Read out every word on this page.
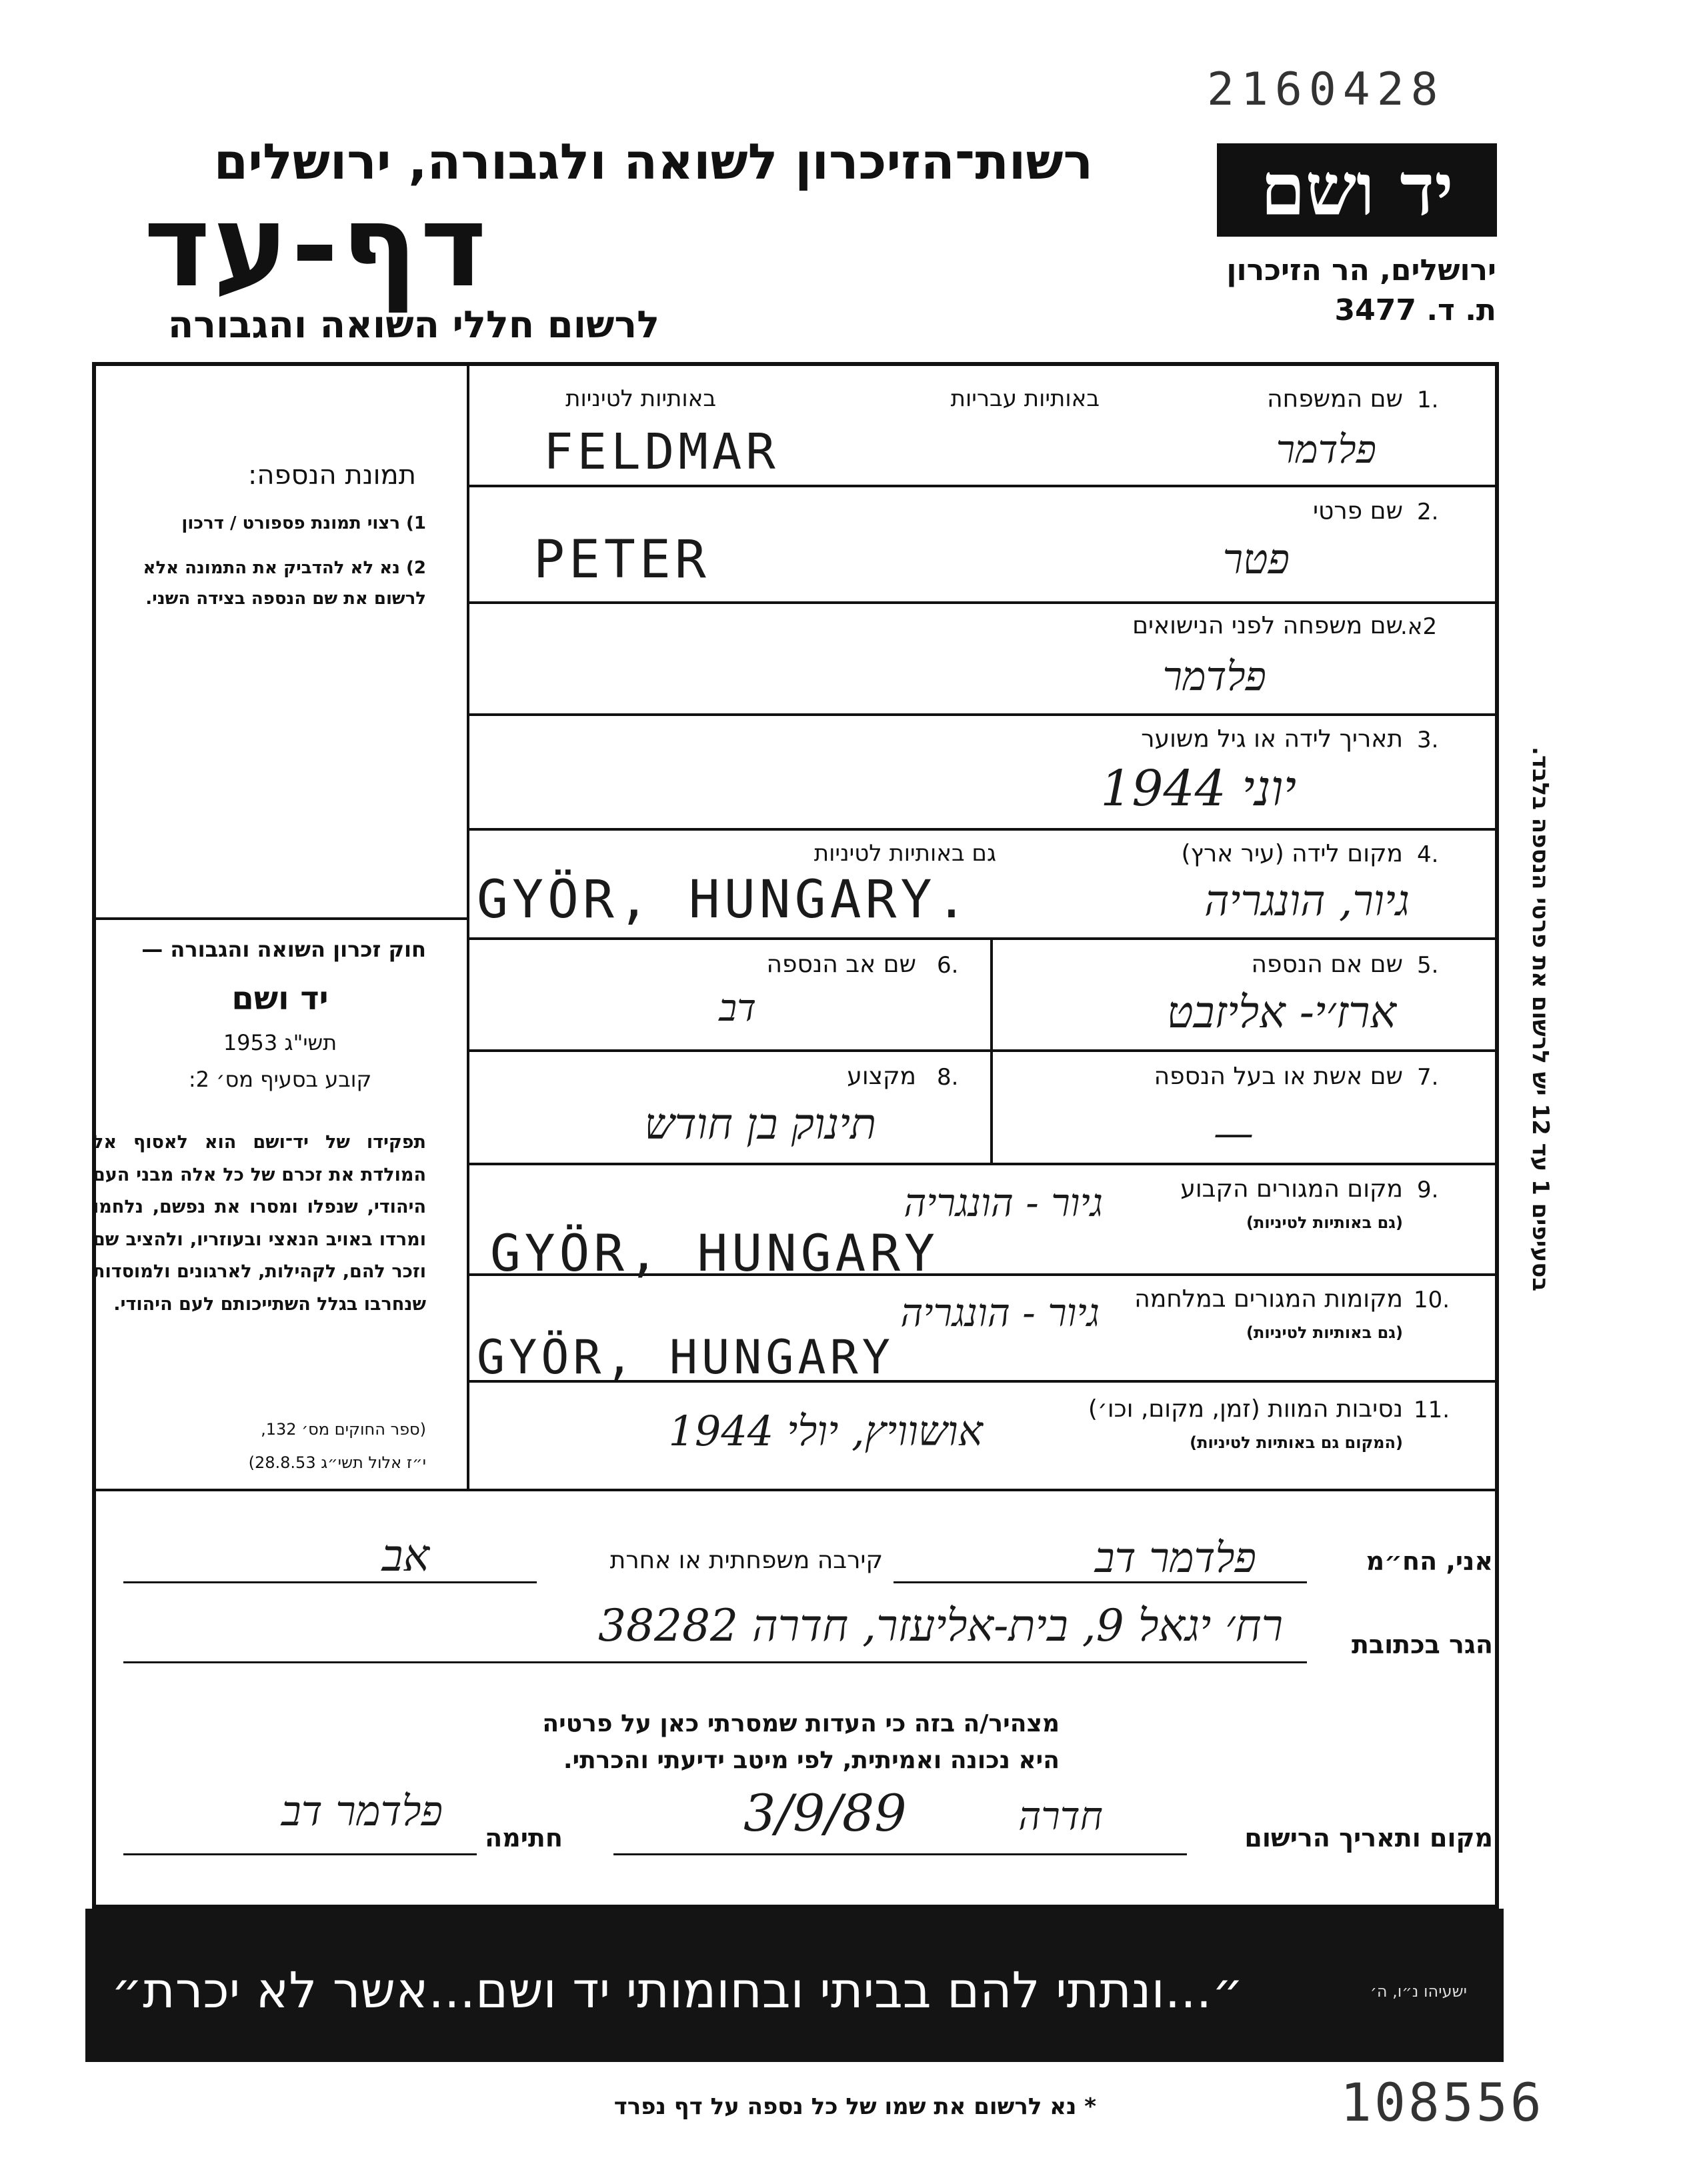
2160428
רשות־הזיכרון לשואה ולגבורה, ירושלים
דף-עד
לרשום חללי השואה והגבורה
יד ושם
ירושלים, הר הזיכרון
ת. ד. 3477
תמונת הנספה:
1) רצוי תמונת פספורט / דרכון
2) נא לא להדביק את התמונה אלא לרשום את שם הנספה בצידה השני.
חוק זכרון השואה והגבורה —
יד ושם
תשי"ג 1953
קובע בסעיף מס׳ 2:
תפקידו של יד־ושם הוא לאסוף אל המולדת את זכרם של כל אלה מבני העם היהודי, שנפלו ומסרו את נפשם, נלחמו ומרדו באויב הנאצי ובעוזריו, ולהציב שם וזכר להם, לקהילות, לארגונים ולמוסדות שנחרבו בגלל השתייכותם לעם היהודי.
(ספר החוקים מס׳ 132,
י״ז אלול תשי״ג 28.8.53)
בסעיפים 1 עד 12 יש לרשום את פרטי הנספה בלבד.
1.
שם המשפחה
באותיות עבריות
באותיות לטיניות
פלדמר
FELDMAR
2.
שם פרטי
פטר
PETER
2א.
שם משפחה לפני הנישואים
פלדמר
3.
תאריך לידה או גיל משוער
יוני 1944
4.
מקום לידה (עיר ארץ)
גם באותיות לטיניות
גיור, הונגריה
GYÖR, HUNGARY.
5.
שם אם הנספה
ארז׳י- אליזבט
6.
שם אב הנספה
דב
7.
שם אשת או בעל הנספה
—
8.
מקצוע
תינוק בן חודש
9.
מקום המגורים הקבוע
(גם באותיות לטיניות)
גיור - הונגריה
GYÖR, HUNGARY
10.
מקומות המגורים במלחמה
(גם באותיות לטיניות)
גיור - הונגריה
GYÖR, HUNGARY
11.
נסיבות המוות (זמן, מקום, וכו׳)
(המקום גם באותיות לטיניות)
אושוויץ, יולי 1944
אני, הח״מ
פלדמר דב
קירבה משפחתית או אחרת
אב
הגר בכתובת
רח׳ יגאל 9, בית-אליעזר, חדרה 38282
מצהיר/ה בזה כי העדות שמסרתי כאן על פרטיה
היא נכונה ואמיתית, לפי מיטב ידיעתי והכרתי.
מקום ותאריך הרישום
חדרה
3/9/89
חתימה
פלדמר דב
״...ונתתי להם בביתי ובחומותי יד ושם...אשר לא יכרת״	ישעיהו נ״ו, ה׳
* נא לרשום את שמו של כל נספה על דף נפרד	108556
